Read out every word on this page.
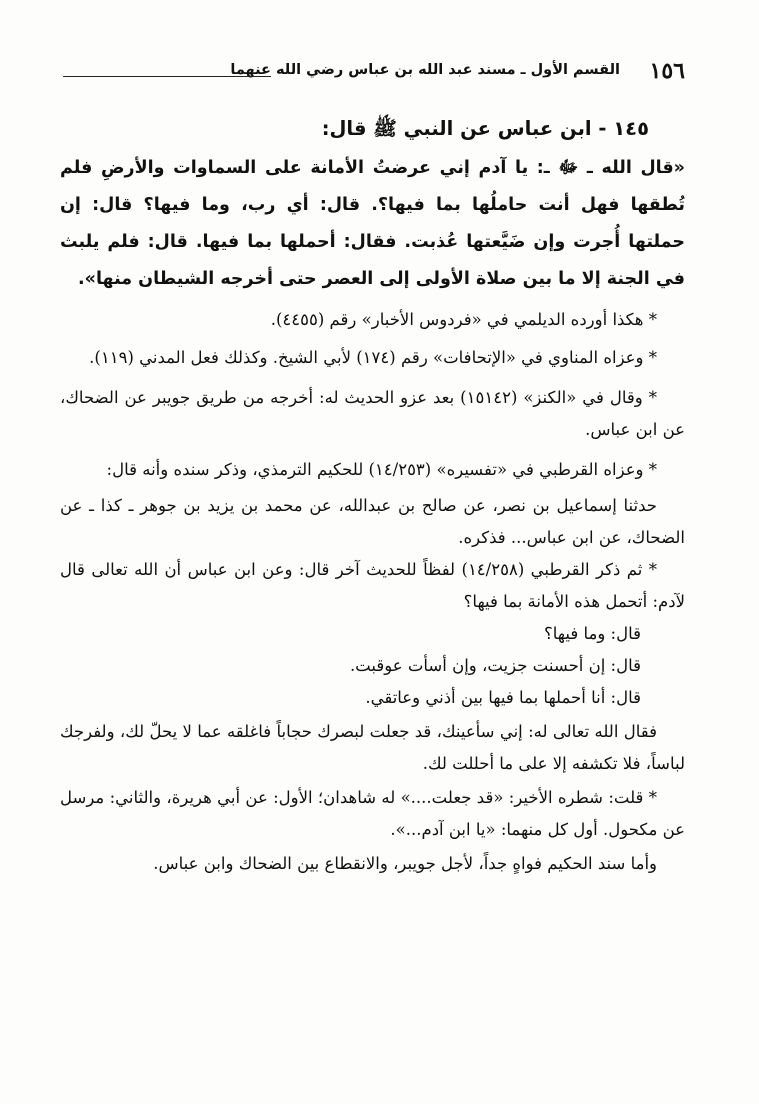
١٥٦
القسم الأول ـ مسند عبد الله بن عباس رضي الله عنهما
١٤٥ - ابن عباس عن النبي ﷺ قال:

«قال الله ـ ﷻ ـ: يا آدم إني عرضتُ الأمانة على السماوات والأرضِ فلم تُطقها فهل أنت حاملُها بما فيها؟. قال: أي رب، وما فيها؟ قال: إن حملتها أُجرت وإن ضَيَّعتها عُذبت. فقال: أحملها بما فيها. قال: فلم يلبث في الجنة إلا ما بين صلاة الأولى إلى العصر حتى أخرجه الشيطان منها».

* هكذا أورده الديلمي في «فردوس الأخبار» رقم (٤٤٥٥).

* وعزاه المناوي في «الإتحافات» رقم (١٧٤) لأبي الشيخ. وكذلك فعل المدني (١١٩).

* وقال في «الكنز» (١٥١٤٢) بعد عزو الحديث له: أخرجه من طريق جويبر عن الضحاك، عن ابن عباس.

* وعزاه القرطبي في «تفسيره» (١٤/٢٥٣) للحكيم الترمذي، وذكر سنده وأنه قال:

حدثنا إسماعيل بن نصر، عن صالح بن عبدالله، عن محمد بن يزيد بن جوهر ـ كذا ـ عن الضحاك، عن ابن عباس... فذكره.

* ثم ذكر القرطبي (١٤/٢٥٨) لفظاً للحديث آخر قال: وعن ابن عباس أن الله تعالى قال لآدم: أتحمل هذه الأمانة بما فيها؟

قال: وما فيها؟

قال: إن أحسنت جزيت، وإن أسأت عوقبت.

قال: أنا أحملها بما فيها بين أذني وعاتقي.

فقال الله تعالى له: إني سأعينك، قد جعلت لبصرك حجاباً فاغلقه عما لا يحلّ لك، ولفرجك لباساً، فلا تكشفه إلا على ما أحللت لك.

* قلت: شطره الأخير: «قد جعلت....» له شاهدان؛ الأول: عن أبي هريرة، والثاني: مرسل عن مكحول. أول كل منهما: «يا ابن آدم...».

وأما سند الحكيم فواهٍ جداً، لأجل جويبر، والانقطاع بين الضحاك وابن عباس.
